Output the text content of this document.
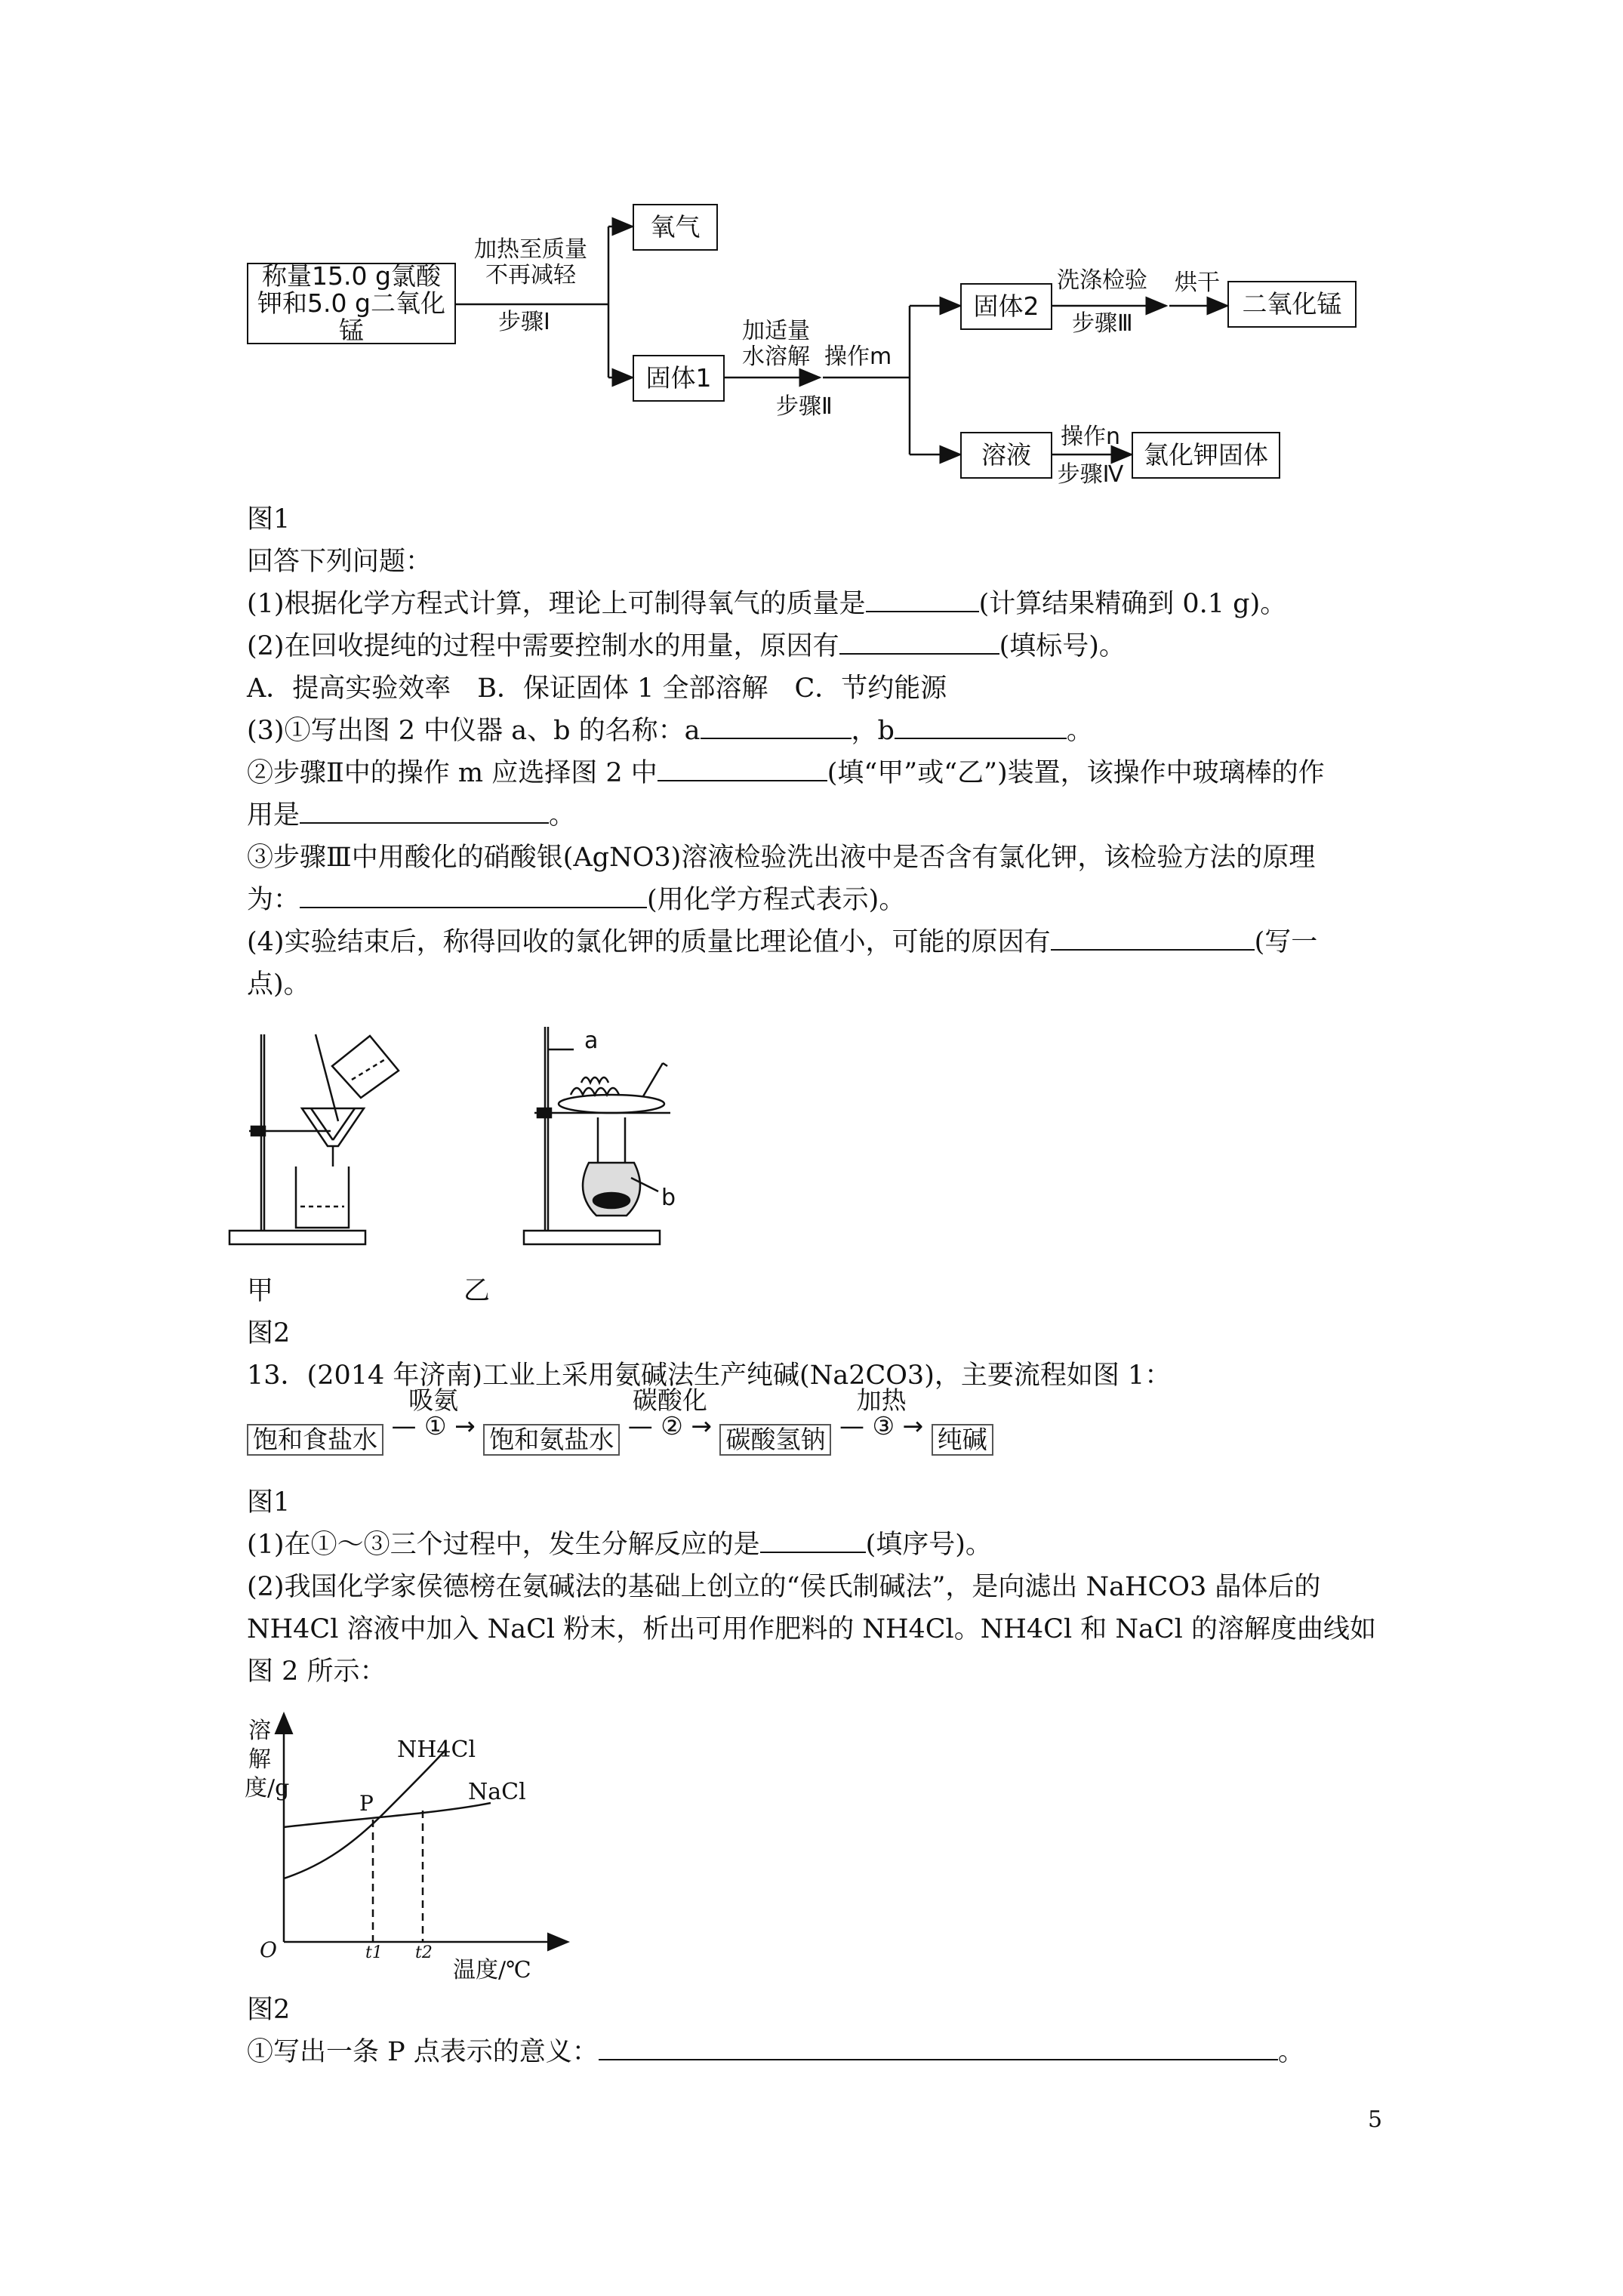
称量15.0 g氯酸钾和5.0 g二氧化锰
加热至质量不再减轻
步骤Ⅰ
氧气
固体1
加适量水溶解 操作m
步骤Ⅱ
固体2
洗涤检验
步骤Ⅲ
烘干
二氧化锰
溶液
操作n
步骤Ⅳ
氯化钾固体
图1
回答下列问题：
(1)根据化学方程式计算，理论上可制得氧气的质量是	(计算结果精确到 0.1 g)。
(2)在回收提纯的过程中需要控制水的用量，原因有	(填标号)。
A．提高实验效率　B．保证固体 1 全部溶解　C．节约能源
(3)①写出图 2 中仪器 a、b 的名称：a	，b	。
②步骤Ⅱ中的操作 m 应选择图 2 中	(填“甲”或“乙”)装置，该操作中玻璃棒的作
用是	。
③步骤Ⅲ中用酸化的硝酸银(AgNO3)溶液检验洗出液中是否含有氯化钾，该检验方法的原理
为：	(用化学方程式表示)。
(4)实验结束后，称得回收的氯化钾的质量比理论值小，可能的原因有	(写一
点)。
a
b
甲	乙
图2
13．(2014 年济南)工业上采用氨碱法生产纯碱(Na2CO3)，主要流程如图 1：
饱和食盐水
吸氨
— ① → 饱和氨盐水
碳酸化
— ② → 碳酸氢钠
加热
— ③ → 纯碱
图1
(1)在①～③三个过程中，发生分解反应的是	(填序号)。
(2)我国化学家侯德榜在氨碱法的基础上创立的“侯氏制碱法”，是向滤出 NaHCO3 晶体后的
NH4Cl 溶液中加入 NaCl 粉末，析出可用作肥料的 NH4Cl。NH4Cl 和 NaCl 的溶解度曲线如
图 2 所示：
溶解度/g
NH4Cl
NaCl
P
O	t1 t2
温度/℃
图2
①写出一条 P 点表示的意义：	。
5
